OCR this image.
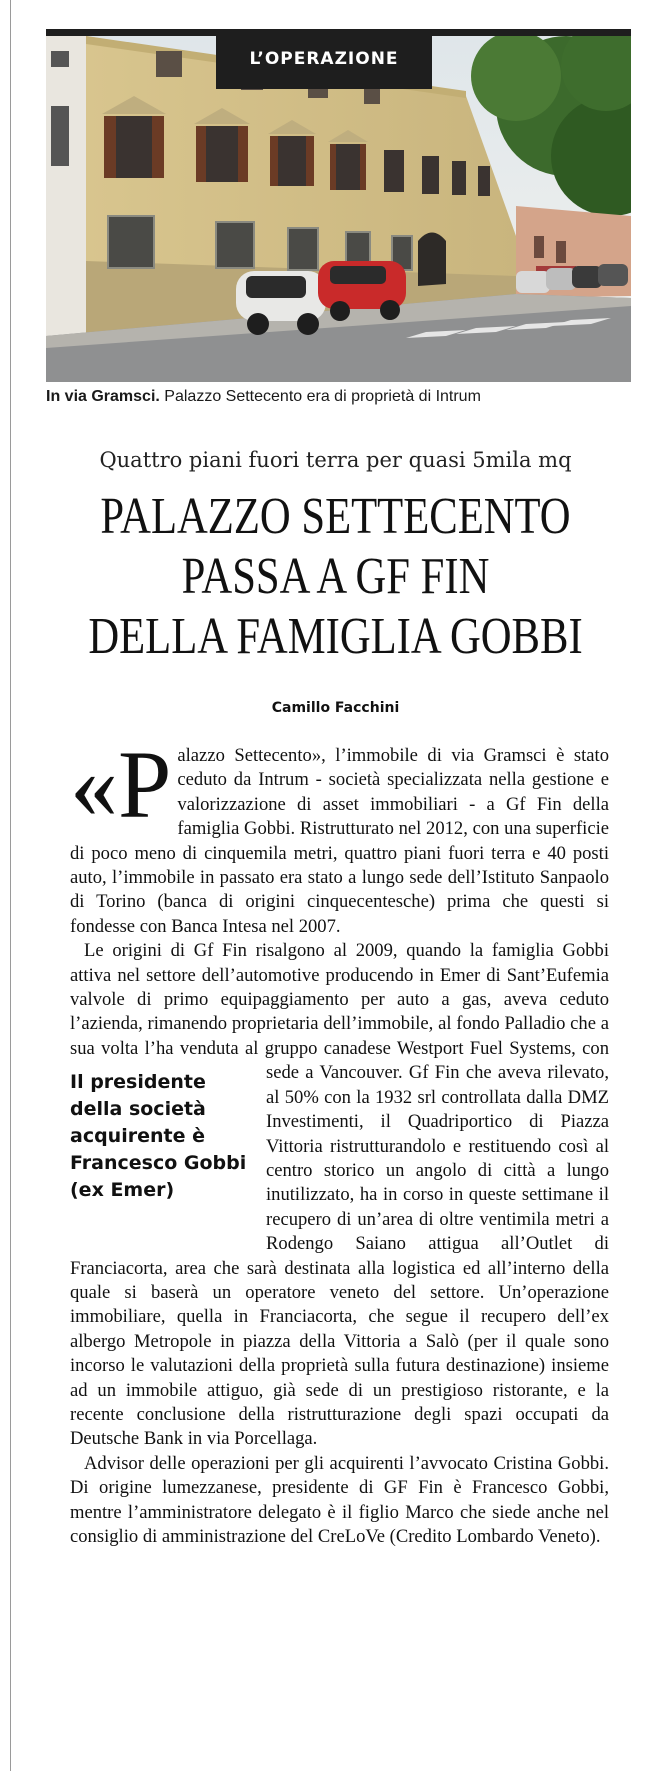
L’OPERAZIONE
In via Gramsci. Palazzo Settecento era di proprietà di Intrum
Quattro piani fuori terra per quasi 5mila mq
PALAZZO SETTECENTO
PASSA A GF FIN
DELLA FAMIGLIA GOBBI
Camillo Facchini

«Palazzo Settecento», l’immobile di via Gramsci è stato ceduto da Intrum - società specializzata nella gestione e valorizzazione di asset immobiliari - a Gf Fin della famiglia Gobbi. Ristrutturato nel 2012, con una superficie di poco meno di cinquemila metri, quattro piani fuori terra e 40 posti auto, l’immobile in passato era stato a lungo sede dell’Istituto Sanpaolo di Torino (banca di origini cinquecentesche) prima che questi si fondesse con Banca Intesa nel 2007.

Le origini di Gf Fin risalgono al 2009, quando la famiglia Gobbi attiva nel settore dell’automotive producendo in Emer di Sant’Eufemia valvole di primo equipaggiamento per auto a gas, aveva ceduto l’azienda, rimanendo proprietaria dell’immobile, al fondo Palladio che a sua volta l’ha venduta al gruppo canadese Westport Fuel
Il presidente della società acquirente è Francesco Gobbi (ex Emer)
Systems, con sede a Vancouver. Gf Fin che aveva rilevato, al 50% con la 1932 srl controllata dalla DMZ Investimenti, il Quadriportico di Piazza Vittoria ristrutturandolo e restituendo così al centro storico un angolo di città a lungo inutilizzato, ha in corso in queste settimane il recupero di un’area di oltre ventimila metri a Rodengo Saiano attigua all’Outlet di Franciacorta, area che sarà destinata alla logistica ed all’interno della quale si baserà un operatore veneto del settore. Un’operazione immobiliare, quella in Franciacorta, che segue il recupero dell’ex albergo Metropole in piazza della Vittoria a Salò (per il quale sono incorso le valutazioni della proprietà sulla futura destinazione) insieme ad un immobile attiguo, già sede di un prestigioso ristorante, e la recente conclusione della ristrutturazione degli spazi occupati da Deutsche Bank in via Porcellaga.

Advisor delle operazioni per gli acquirenti l’avvocato Cristina Gobbi. Di origine lumezzanese, presidente di GF Fin è Francesco Gobbi, mentre l’amministratore delegato è il figlio Marco che siede anche nel consiglio di amministrazione del CreLoVe (Credito Lombardo Veneto).
